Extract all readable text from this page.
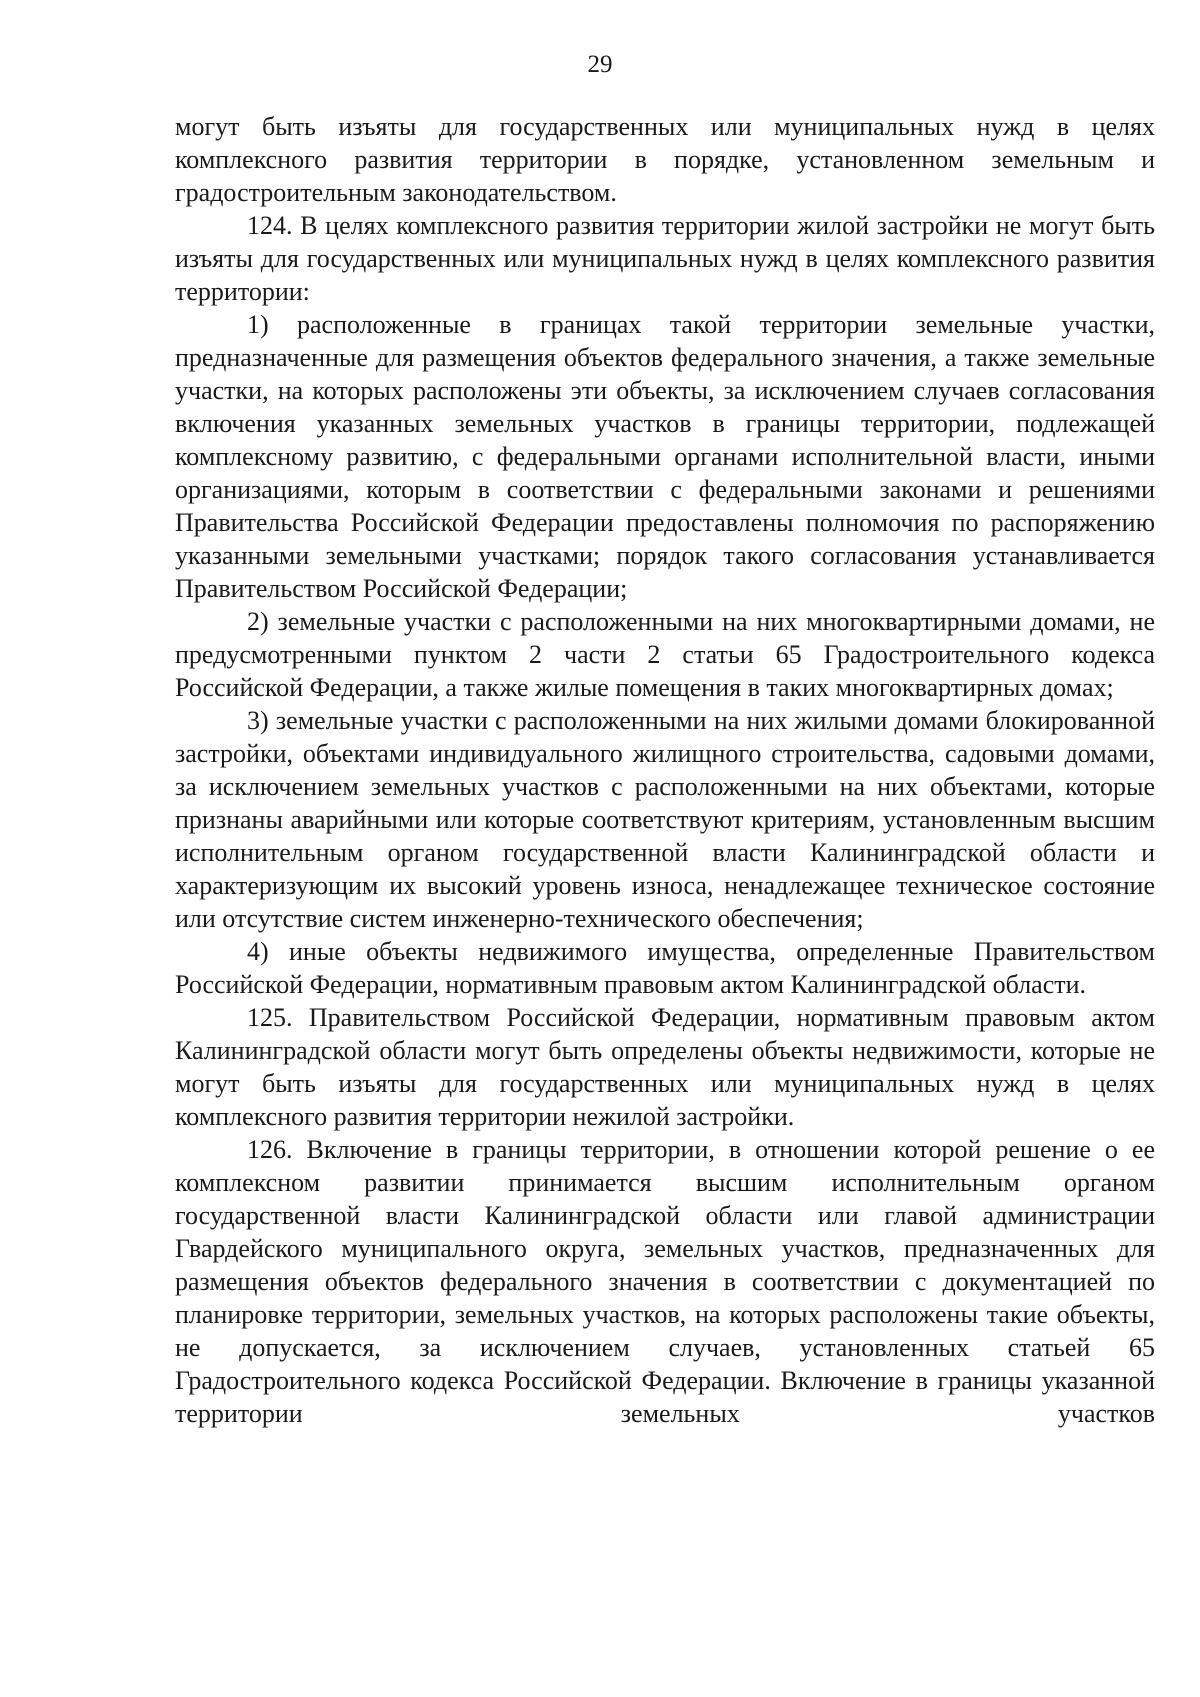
29

могут быть изъяты для государственных или муниципальных нужд в целях комплексного развития территории в порядке, установленном земельным и градостроительным законодательством.

124. В целях комплексного развития территории жилой застройки не могут быть изъяты для государственных или муниципальных нужд в целях комплексного развития территории:

1) расположенные в границах такой территории земельные участки, предназначенные для размещения объектов федерального значения, а также земельные участки, на которых расположены эти объекты, за исключением случаев согласования включения указанных земельных участков в границы территории, подлежащей комплексному развитию, с федеральными органами исполнительной власти, иными организациями, которым в соответствии с федеральными законами и решениями Правительства Российской Федерации предоставлены полномочия по распоряжению указанными земельными участками; порядок такого согласования устанавливается Правительством Российской Федерации;

2) земельные участки с расположенными на них многоквартирными домами, не предусмотренными пунктом 2 части 2 статьи 65 Градостроительного кодекса Российской Федерации, а также жилые помещения в таких многоквартирных домах;

3) земельные участки с расположенными на них жилыми домами блокированной застройки, объектами индивидуального жилищного строительства, садовыми домами, за исключением земельных участков с расположенными на них объектами, которые признаны аварийными или которые соответствуют критериям, установленным высшим исполнительным органом государственной власти Калининградской области и характеризующим их высокий уровень износа, ненадлежащее техническое состояние или отсутствие систем инженерно-технического обеспечения;

4) иные объекты недвижимого имущества, определенные Правительством Российской Федерации, нормативным правовым актом Калининградской области.

125. Правительством Российской Федерации, нормативным правовым актом Калининградской области могут быть определены объекты недвижимости, которые не могут быть изъяты для государственных или муниципальных нужд в целях комплексного развития территории нежилой застройки.

126. Включение в границы территории, в отношении которой решение о ее комплексном развитии принимается высшим исполнительным органом государственной власти Калининградской области или главой администрации Гвардейского муниципального округа, земельных участков, предназначенных для размещения объектов федерального значения в соответствии с документацией по планировке территории, земельных участков, на которых расположены такие объекты, не допускается, за исключением случаев, установленных статьей 65 Градостроительного кодекса Российской Федерации. Включение в границы указанной территории земельных участков
